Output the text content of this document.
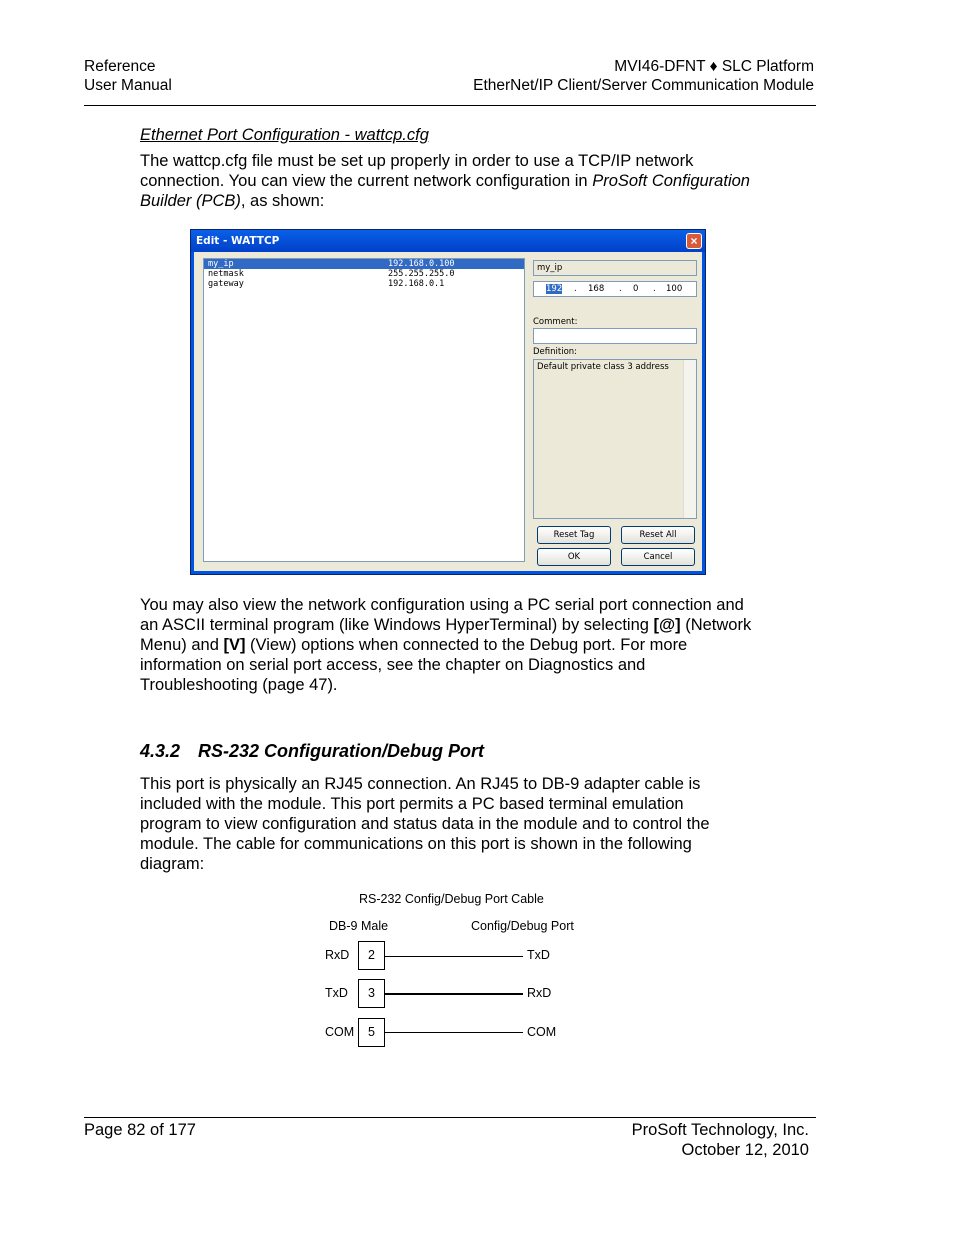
Reference
User Manual
MVI46-DFNT ♦ SLC Platform
EtherNet/IP Client/Server Communication Module
Ethernet Port Configuration - wattcp.cfg
The wattcp.cfg file must be set up properly in order to use a TCP/IP network connection. You can view the current network configuration in ProSoft Configuration Builder (PCB), as shown:
Edit - WATTCP	×
my_ip	192.168.0.100
netmask	255.255.255.0
gateway	192.168.0.1
my_ip
192 . 168 . 0 . 100
Comment:
Definition:
Default private class 3 address
Reset Tag	Reset All
OK	Cancel
You may also view the network configuration using a PC serial port connection and an ASCII terminal program (like Windows HyperTerminal) by selecting [@] (Network Menu) and [V] (View) options when connected to the Debug port. For more information on serial port access, see the chapter on Diagnostics and Troubleshooting (page 47).
4.3.2 RS-232 Configuration/Debug Port
This port is physically an RJ45 connection. An RJ45 to DB-9 adapter cable is included with the module. This port permits a PC based terminal emulation program to view configuration and status data in the module and to control the module. The cable for communications on this port is shown in the following diagram:
RS-232 Config/Debug Port Cable
DB-9 Male	Config/Debug Port
RxD	2	TxD
TxD	3	RxD
COM	5	COM
Page 82 of 177	ProSoft Technology, Inc.
October 12, 2010
